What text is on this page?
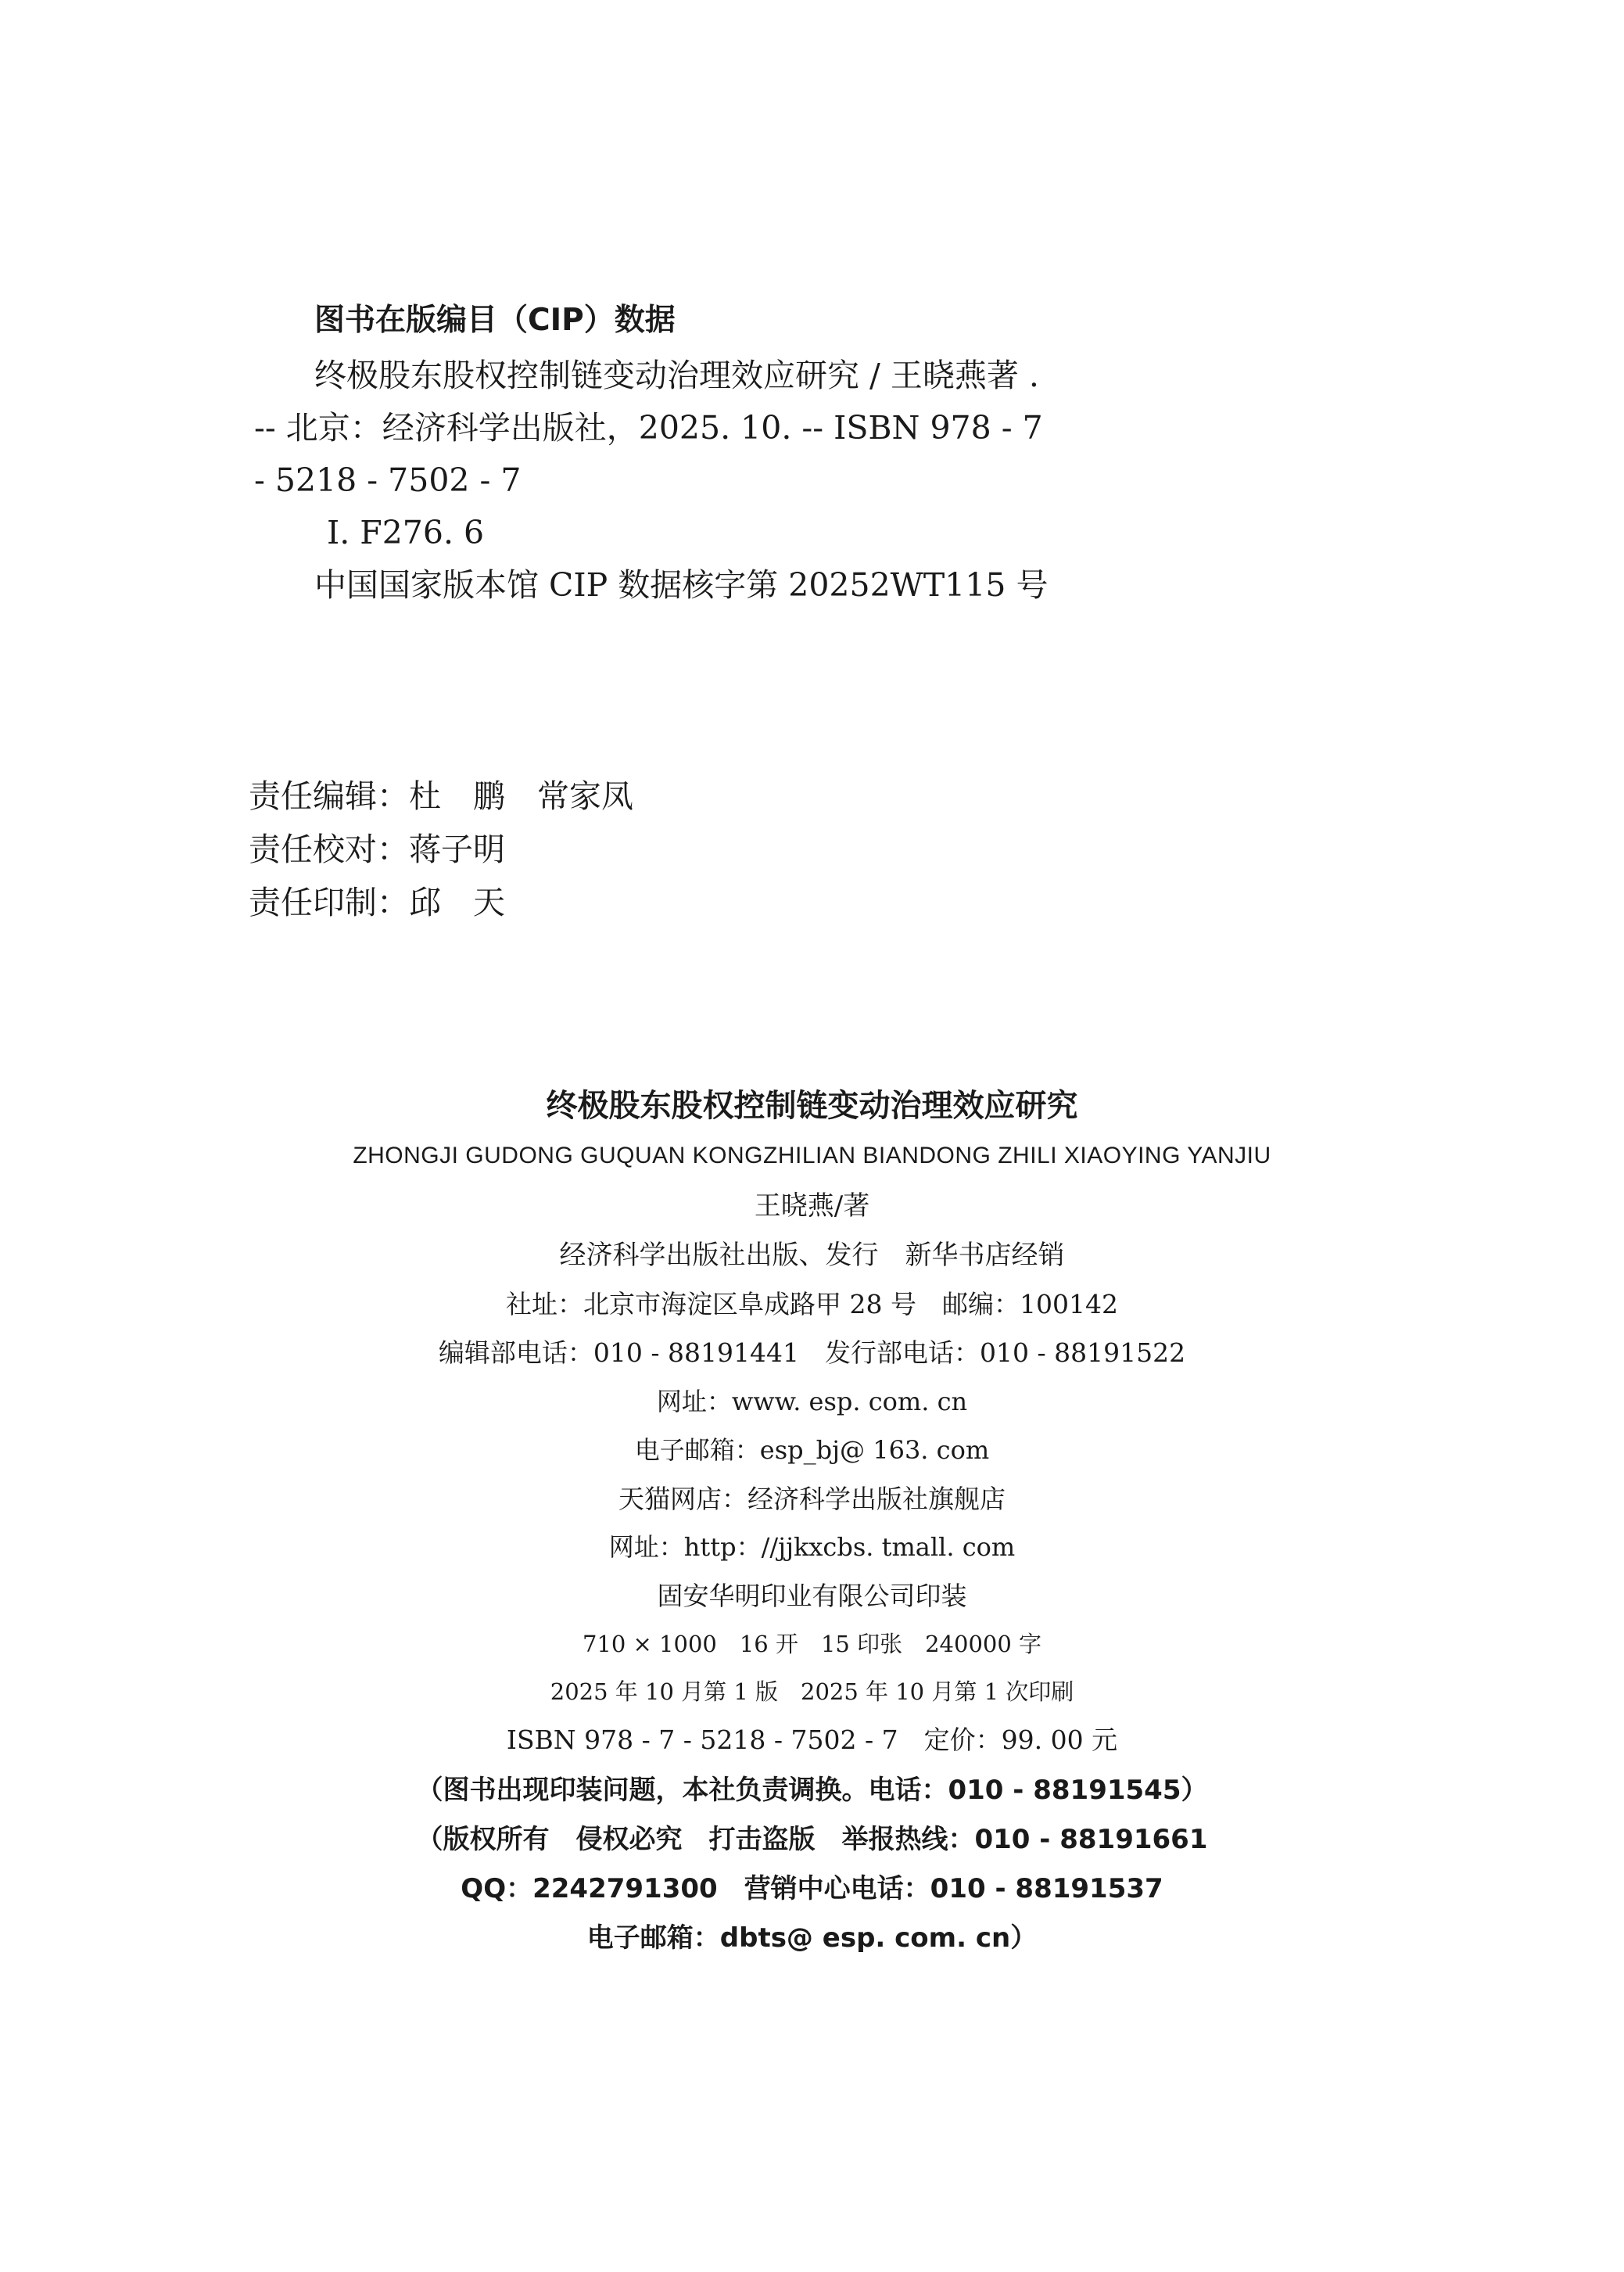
图书在版编目（CIP）数据
终极股东股权控制链变动治理效应研究 / 王晓燕著 .
-- 北京：经济科学出版社，2025. 10. -- ISBN 978 - 7
- 5218 - 7502 - 7
Ⅰ. F276. 6
中国国家版本馆 CIP 数据核字第 20252WT115 号
责任编辑：杜　鹏　常家凤
责任校对：蒋子明
责任印制：邱　天
终极股东股权控制链变动治理效应研究
ZHONGJI GUDONG GUQUAN KONGZHILIAN BIANDONG ZHILI XIAOYING YANJIU
王晓燕/著
经济科学出版社出版、发行　新华书店经销
社址：北京市海淀区阜成路甲 28 号　邮编：100142
编辑部电话：010 - 88191441　发行部电话：010 - 88191522
网址：www. esp. com. cn
电子邮箱：esp_bj@ 163. com
天猫网店：经济科学出版社旗舰店
网址：http：//jjkxcbs. tmall. com
固安华明印业有限公司印装
710 × 1000　16 开　15 印张　240000 字
2025 年 10 月第 1 版　2025 年 10 月第 1 次印刷
ISBN 978 - 7 - 5218 - 7502 - 7　定价：99. 00 元
（图书出现印装问题，本社负责调换。电话：010 - 88191545）
（版权所有　侵权必究　打击盗版　举报热线：010 - 88191661
QQ：2242791300　营销中心电话：010 - 88191537
电子邮箱：dbts@ esp. com. cn）
